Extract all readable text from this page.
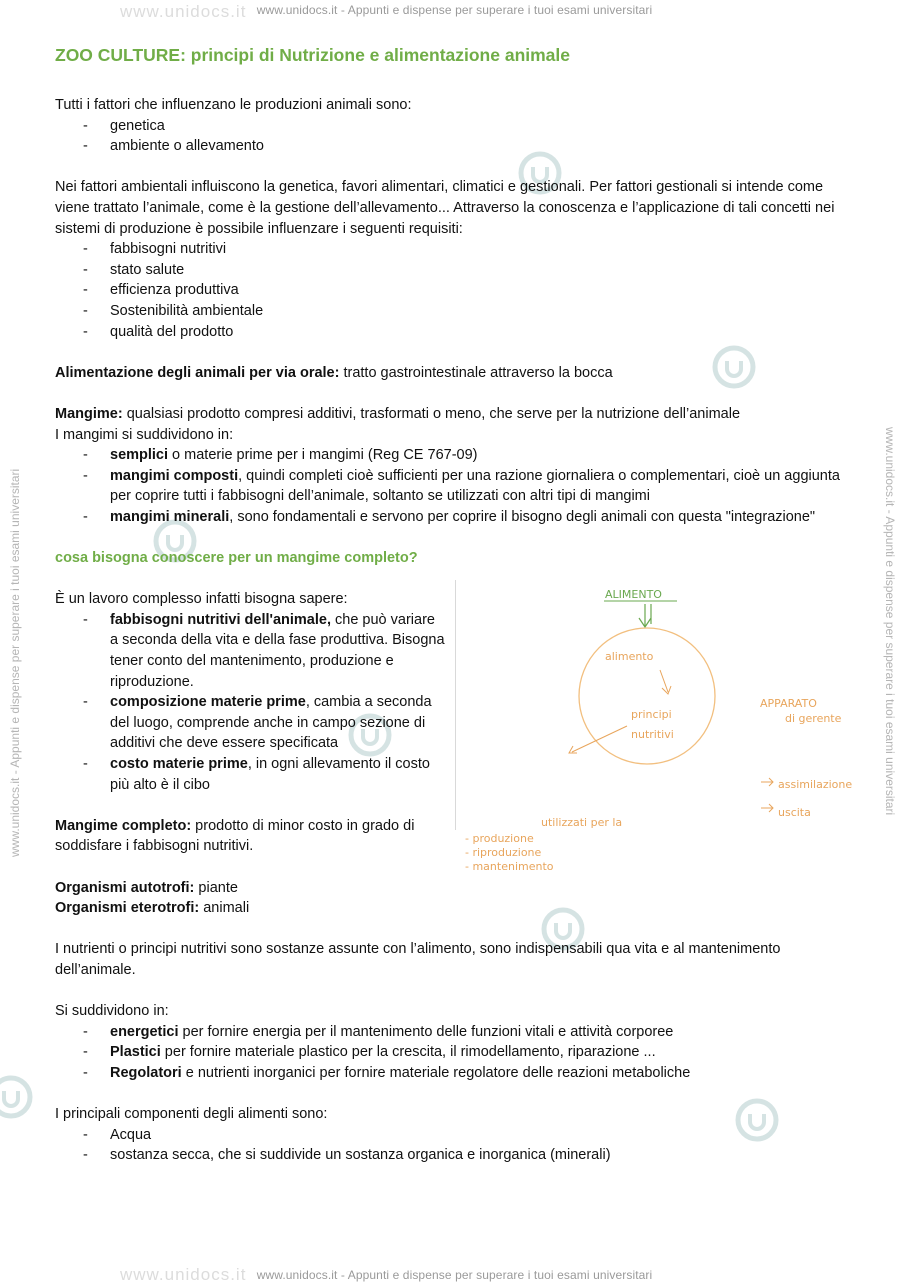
www.unidocs.it - Appunti e dispense per superare i tuoi esami universitari
www.unidocs.it - Appunti e dispense per superare i tuoi esami universitari
www.unidocs.it - Appunti e dispense per superare i tuoi esami universitari	www.unidocs.it - Appunti e dispense per superare i tuoi esami universitari
www.unidocs.it
www.unidocs.it
ZOO CULTURE: principi di Nutrizione e alimentazione animale

Tutti i fattori che influenzano le produzioni animali sono:

- genetica
- ambiente o allevamento

Nei fattori ambientali influiscono la genetica, favori alimentari, climatici e gestionali. Per fattori gestionali si intende come viene trattato l’animale, come è la gestione dell’allevamento... Attraverso la conoscenza e l’applicazione di tali concetti nei sistemi di produzione è possibile influenzare i seguenti requisiti:

- fabbisogni nutritivi
- stato salute
- efficienza produttiva
- Sostenibilità ambientale
- qualità del prodotto

Alimentazione degli animali per via orale: tratto gastrointestinale attraverso la bocca

Mangime: qualsiasi prodotto compresi additivi, trasformati o meno, che serve per la nutrizione dell’animale

I mangimi si suddividono in:

- semplici o materie prime per i mangimi (Reg CE 767-09)
- mangimi composti, quindi completi cioè sufficienti per una razione giornaliera o complementari, cioè un aggiunta per coprire tutti i fabbisogni dell’animale, soltanto se utilizzati con altri tipi di mangimi
- mangimi minerali, sono fondamentali e servono per coprire il bisogno degli animali con questa "integrazione"

cosa bisogna conoscere per un mangime completo?

È un lavoro complesso infatti bisogna sapere:

- fabbisogni nutritivi dell'animale, che può variare a seconda della vita e della fase produttiva. Bisogna tener conto del mantenimento, produzione e riproduzione.
- composizione materie prime, cambia a seconda del luogo, comprende anche in campo sezione di additivi che deve essere specificata
- costo materie prime, in ogni allevamento il costo più alto è il cibo

Mangime completo: prodotto di minor costo in grado di soddisfare i fabbisogni nutritivi.

ALIMENTO
alimento
principi
nutritivi
APPARATO
di gerente
assimilazione
uscita
utilizzati per la
- produzione
- riproduzione
- mantenimento

Organismi autotrofi: piante

Organismi eterotrofi: animali

I nutrienti o principi nutritivi sono sostanze assunte con l’alimento, sono indispensabili qua vita e al mantenimento dell’animale.

Si suddividono in:

- energetici per fornire energia per il mantenimento delle funzioni vitali e attività corporee
- Plastici per fornire materiale plastico per la crescita, il rimodellamento, riparazione ...
- Regolatori e nutrienti inorganici per fornire materiale regolatore delle reazioni metaboliche

I principali componenti degli alimenti sono:

- Acqua
- sostanza secca, che si suddivide un sostanza organica e inorganica (minerali)
